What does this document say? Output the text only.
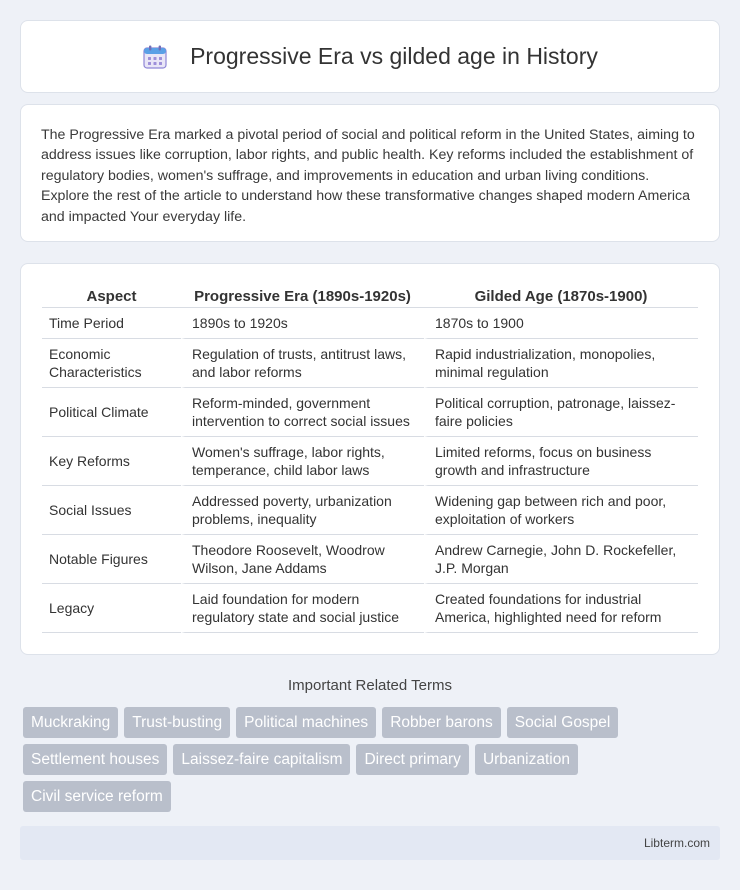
Progressive Era vs gilded age in History

The Progressive Era marked a pivotal period of social and political reform in the United States, aiming to address issues like corruption, labor rights, and public health. Key reforms included the establishment of regulatory bodies, women's suffrage, and improvements in education and urban living conditions. Explore the rest of the article to understand how these transformative changes shaped modern America and impacted Your everyday life.

Aspect	Progressive Era (1890s-1920s)	Gilded Age (1870s-1900)
Time Period	1890s to 1920s	1870s to 1900
Economic Characteristics	Regulation of trusts, antitrust laws, and labor reforms	Rapid industrialization, monopolies, minimal regulation
Political Climate	Reform-minded, government intervention to correct social issues	Political corruption, patronage, laissez-faire policies
Key Reforms	Women's suffrage, labor rights, temperance, child labor laws	Limited reforms, focus on business growth and infrastructure
Social Issues	Addressed poverty, urbanization problems, inequality	Widening gap between rich and poor, exploitation of workers
Notable Figures	Theodore Roosevelt, Woodrow Wilson, Jane Addams	Andrew Carnegie, John D. Rockefeller, J.P. Morgan
Legacy	Laid foundation for modern regulatory state and social justice	Created foundations for industrial America, highlighted need for reform
Important Related Terms
Muckraking	Trust-busting	Political machines	Robber barons	Social Gospel
Settlement houses	Laissez-faire capitalism	Direct primary	Urbanization
Civil service reform
Libterm.com
